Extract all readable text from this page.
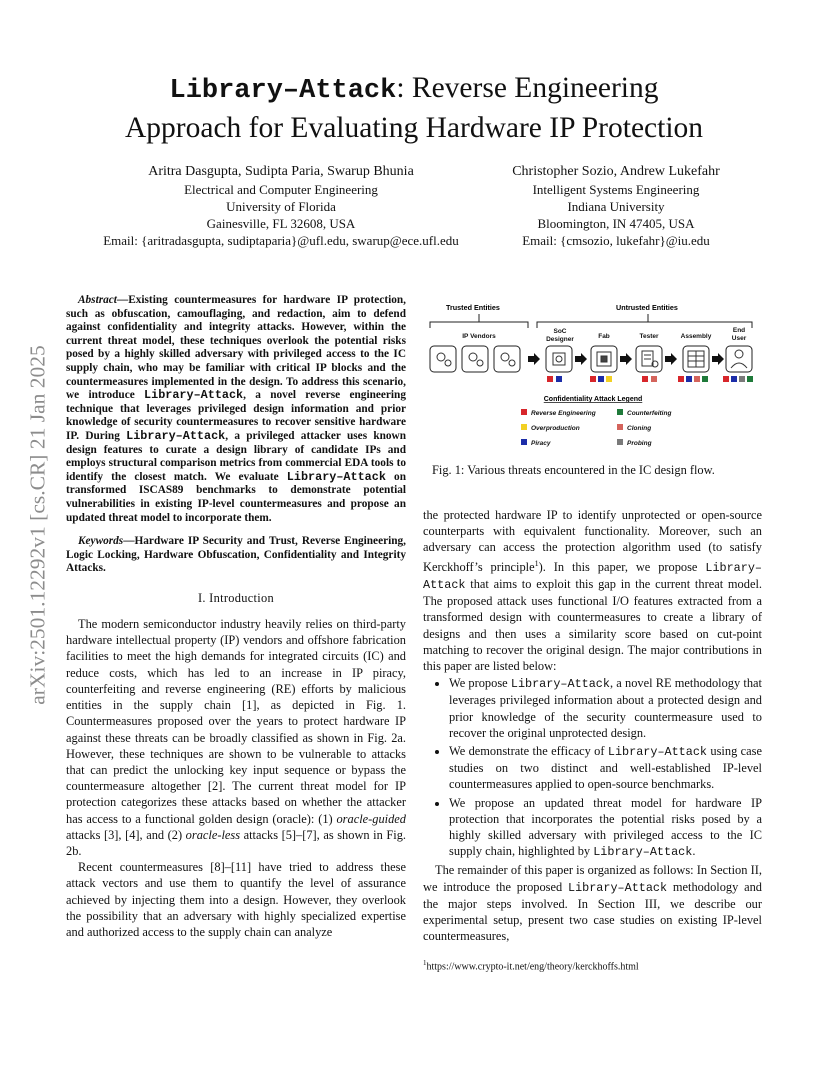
arXiv:2501.12292v1 [cs.CR] 21 Jan 2025
Library–Attack: Reverse Engineering
Approach for Evaluating Hardware IP Protection
Aritra Dasgupta, Sudipta Paria, Swarup Bhunia
Electrical and Computer Engineering
University of Florida
Gainesville, FL 32608, USA
Email: {aritradasgupta, sudiptaparia}@ufl.edu, swarup@ece.ufl.edu
Christopher Sozio, Andrew Lukefahr
Intelligent Systems Engineering
Indiana University
Bloomington, IN 47405, USA
Email: {cmsozio, lukefahr}@iu.edu

Abstract—Existing countermeasures for hardware IP protection, such as obfuscation, camouflaging, and redaction, aim to defend against confidentiality and integrity attacks. However, within the current threat model, these techniques overlook the potential risks posed by a highly skilled adversary with privileged access to the IC supply chain, who may be familiar with critical IP blocks and the countermeasures implemented in the design. To address this scenario, we introduce Library–Attack, a novel reverse engineering technique that leverages privileged design information and prior knowledge of security countermeasures to recover sensitive hardware IP. During Library–Attack, a privileged attacker uses known design features to curate a design library of candidate IPs and employs structural comparison metrics from commercial EDA tools to identify the closest match. We evaluate Library–Attack on transformed ISCAS89 benchmarks to demonstrate potential vulnerabilities in existing IP-level countermeasures and propose an updated threat model to incorporate them.

Keywords—Hardware IP Security and Trust, Reverse Engineering, Logic Locking, Hardware Obfuscation, Confidentiality and Integrity Attacks.

I. Introduction

The modern semiconductor industry heavily relies on third-party hardware intellectual property (IP) vendors and offshore fabrication facilities to meet the high demands for integrated circuits (IC) and reduce costs, which has led to an increase in IP piracy, counterfeiting and reverse engineering (RE) efforts by malicious entities in the supply chain [1], as depicted in Fig. 1. Countermeasures proposed over the years to protect hardware IP against these threats can be broadly classified as shown in Fig. 2a. However, these techniques are shown to be vulnerable to attacks that can predict the unlocking key input sequence or bypass the countermeasure altogether [2]. The current threat model for IP protection categorizes these attacks based on whether the attacker has access to a functional golden design (oracle): (1) oracle-guided attacks [3], [4], and (2) oracle-less attacks [5]–[7], as shown in Fig. 2b.

Recent countermeasures [8]–[11] have tried to address these attack vectors and use them to quantify the level of assurance achieved by injecting them into a design. However, they overlook the possibility that an adversary with highly specialized expertise and authorized access to the supply chain can analyze

Trusted Entities	Untrusted Entities
IP Vendors
SoC
Designer	Fab	Tester	Assembly
End
User
Confidentiality Attack Legend
Reverse Engineering	Counterfeiting
Overproduction	Cloning
Piracy	Probing
Fig. 1: Various threats encountered in the IC design flow.

the protected hardware IP to identify unprotected or open-source counterparts with equivalent functionality. Moreover, such an adversary can access the protection algorithm used (to satisfy Kerckhoff’s principle$^1$). In this paper, we propose Library–Attack that aims to exploit this gap in the current threat model. The proposed attack uses functional I/O features extracted from a transformed design with countermeasures to create a library of designs and then uses a similarity score based on cut-point matching to recover the original design. The major contributions in this paper are listed below:

• We propose Library–Attack, a novel RE methodology that leverages privileged information about a protected design and prior knowledge of the security countermeasure used to recover the original unprotected design.
• We demonstrate the efficacy of Library–Attack using case studies on two distinct and well-established IP-level countermeasures applied to open-source benchmarks.
• We propose an updated threat model for hardware IP protection that incorporates the potential risks posed by a highly skilled adversary with privileged access to the IC supply chain, highlighted by Library–Attack.

The remainder of this paper is organized as follows: In Section II, we introduce the proposed Library–Attack methodology and the major steps involved. In Section III, we describe our experimental setup, present two case studies on existing IP-level countermeasures,

$^1$https://www.crypto-it.net/eng/theory/kerckhoffs.html
